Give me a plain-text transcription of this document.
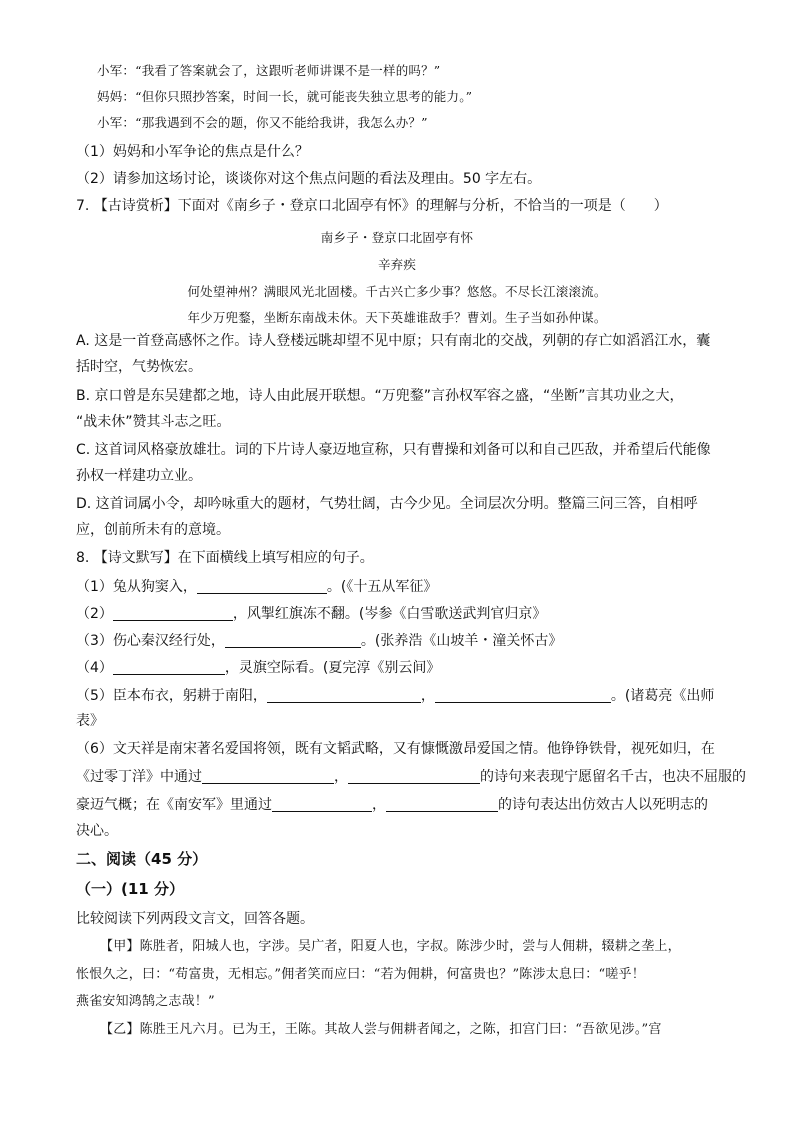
小军：“我看了答案就会了，这跟听老师讲课不是一样的吗？”
妈妈：“但你只照抄答案，时间一长，就可能丧失独立思考的能力。”
小军：“那我遇到不会的题，你又不能给我讲，我怎么办？”
（1）妈妈和小军争论的焦点是什么？
（2）请参加这场讨论，谈谈你对这个焦点问题的看法及理由。50 字左右。
7. 【古诗赏析】下面对《南乡子・登京口北固亭有怀》的理解与分析，不恰当的一项是（　　）
南乡子・登京口北固亭有怀
辛弃疾
何处望神州？满眼风光北固楼。千古兴亡多少事？悠悠。不尽长江滚滚流。
年少万兜鍪，坐断东南战未休。天下英雄谁敌手？曹刘。生子当如孙仲谋。
A. 这是一首登高感怀之作。诗人登楼远眺却望不见中原；只有南北的交战，列朝的存亡如滔滔江水，囊
括时空，气势恢宏。
B. 京口曾是东吴建都之地，诗人由此展开联想。“万兜鍪”言孙权军容之盛，“坐断”言其功业之大，
“战未休”赞其斗志之旺。
C. 这首词风格豪放雄壮。词的下片诗人豪迈地宣称，只有曹操和刘备可以和自己匹敌，并希望后代能像
孙权一样建功立业。
D. 这首词属小令，却吟咏重大的题材，气势壮阔，古今少见。全词层次分明。整篇三问三答，自相呼
应，创前所未有的意境。
8. 【诗文默写】在下面横线上填写相应的句子。
（1）兔从狗窦入，	。(《十五从军征》
（2）	，风掣红旗冻不翻。(岑参《白雪歌送武判官归京》
（3）伤心秦汉经行处，	。(张养浩《山坡羊・潼关怀古》
（4）	，灵旗空际看。(夏完淳《别云间》
（5）臣本布衣，躬耕于南阳，	，	。(诸葛亮《出师
表》
（6）文天祥是南宋著名爱国将领，既有文韬武略，又有慷慨激昂爱国之情。他铮铮铁骨，视死如归，在
《过零丁洋》中通过	，	的诗句来表现宁愿留名千古，也决不屈服的
豪迈气概；在《南安军》里通过	，	的诗句表达出仿效古人以死明志的
决心。
二、阅读（45 分）
（一）(11 分）
比较阅读下列两段文言文，回答各题。
【甲】陈胜者，阳城人也，字涉。吴广者，阳夏人也，字叔。陈涉少时，尝与人佣耕，辍耕之垄上，
怅恨久之，曰：“苟富贵，无相忘。”佣者笑而应曰：“若为佣耕，何富贵也？”陈涉太息曰：“嗟乎！
燕雀安知鸿鹄之志哉！”
【乙】陈胜王凡六月。已为王，王陈。其故人尝与佣耕者闻之，之陈，扣宫门曰：“吾欲见涉。”宫
